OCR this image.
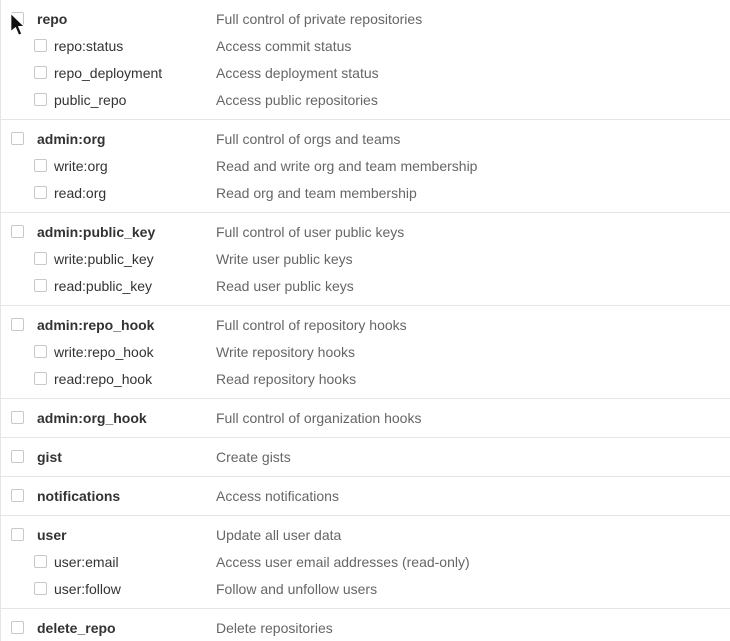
repo	Full control of private repositories
repo:status	Access commit status
repo_deployment	Access deployment status
public_repo	Access public repositories
admin:org	Full control of orgs and teams
write:org	Read and write org and team membership
read:org	Read org and team membership
admin:public_key	Full control of user public keys
write:public_key	Write user public keys
read:public_key	Read user public keys
admin:repo_hook	Full control of repository hooks
write:repo_hook	Write repository hooks
read:repo_hook	Read repository hooks
admin:org_hook	Full control of organization hooks
gist	Create gists
notifications	Access notifications
user	Update all user data
user:email	Access user email addresses (read-only)
user:follow	Follow and unfollow users
delete_repo	Delete repositories
